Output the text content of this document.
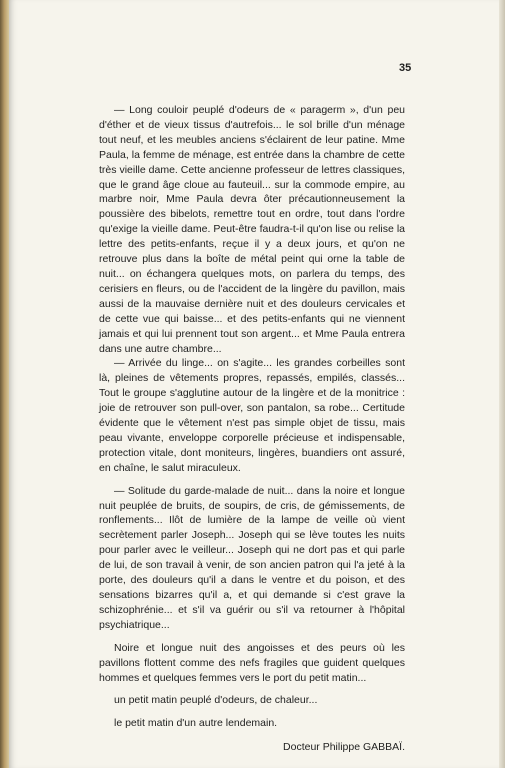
35

— Long couloir peuplé d'odeurs de « paragerm », d'un peu d'éther et de vieux tissus d'autrefois... le sol brille d'un ménage tout neuf, et les meubles anciens s'éclairent de leur patine. Mme Paula, la femme de ménage, est entrée dans la chambre de cette très vieille dame. Cette ancienne professeur de lettres classiques, que le grand âge cloue au fauteuil... sur la commode empire, au marbre noir, Mme Paula devra ôter précautionneusement la poussière des bibelots, remettre tout en ordre, tout dans l'ordre qu'exige la vieille dame. Peut-être faudra-t-il qu'on lise ou relise la lettre des petits-enfants, reçue il y a deux jours, et qu'on ne retrouve plus dans la boîte de métal peint qui orne la table de nuit... on échangera quelques mots, on parlera du temps, des cerisiers en fleurs, ou de l'accident de la lingère du pavillon, mais aussi de la mauvaise dernière nuit et des douleurs cervicales et de cette vue qui baisse... et des petits-enfants qui ne viennent jamais et qui lui prennent tout son argent... et Mme Paula entrera dans une autre chambre...

— Arrivée du linge... on s'agite... les grandes corbeilles sont là, pleines de vêtements propres, repassés, empilés, classés... Tout le groupe s'agglutine autour de la lingère et de la monitrice : joie de retrouver son pull-over, son pantalon, sa robe... Certitude évidente que le vêtement n'est pas simple objet de tissu, mais peau vivante, enveloppe corporelle précieuse et indispensable, protection vitale, dont moniteurs, lingères, buandiers ont assuré, en chaîne, le salut miraculeux.

— Solitude du garde-malade de nuit... dans la noire et longue nuit peuplée de bruits, de soupirs, de cris, de gémissements, de ronflements... Ilôt de lumière de la lampe de veille où vient secrètement parler Joseph... Joseph qui se lève toutes les nuits pour parler avec le veilleur... Joseph qui ne dort pas et qui parle de lui, de son travail à venir, de son ancien patron qui l'a jeté à la porte, des douleurs qu'il a dans le ventre et du poison, et des sensations bizarres qu'il a, et qui demande si c'est grave la schizophrénie... et s'il va guérir ou s'il va retourner à l'hôpital psychiatrique...

Noire et longue nuit des angoisses et des peurs où les pavillons flottent comme des nefs fragiles que guident quelques hommes et quelques femmes vers le port du petit matin...

un petit matin peuplé d'odeurs, de chaleur...

le petit matin d'un autre lendemain.

Docteur Philippe GABBAÏ.
